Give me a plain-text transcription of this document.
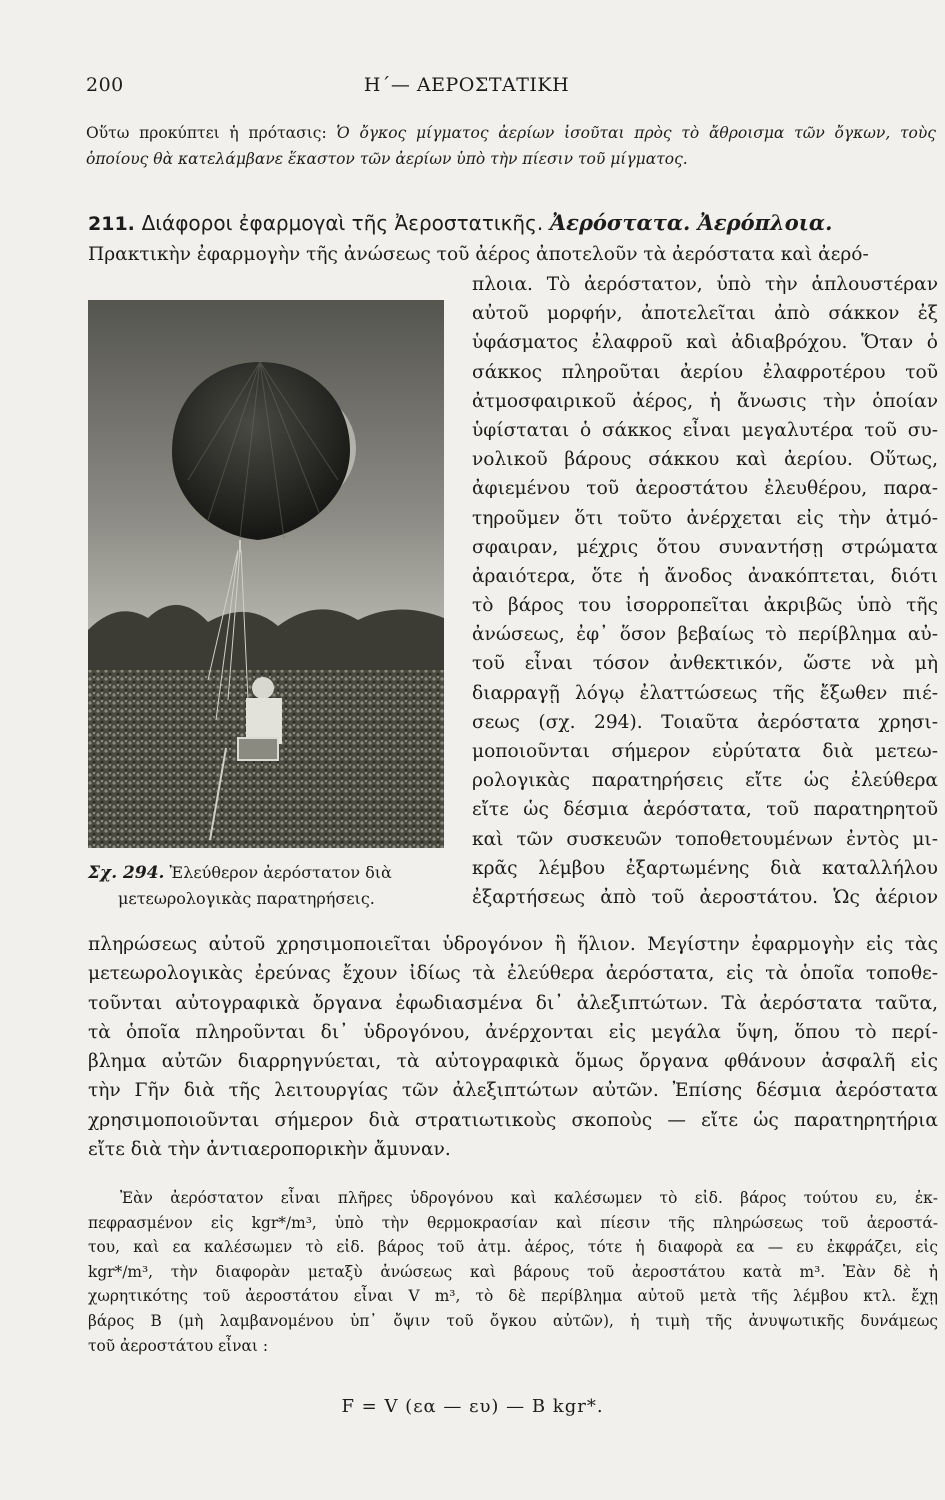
200	Η΄— ΑΕΡΟΣΤΑΤΙΚΗ
Οὕτω προκύπτει ἡ πρότασις: Ὁ ὄγκος μίγματος ἀερίων ἰσοῦται πρὸς τὸ ἄθροισμα τῶν ὄγκων, τοὺς ὁποίους θὰ κατελάμβανε ἕκαστον τῶν ἀερίων ὑπὸ τὴν πίεσιν τοῦ μίγματος.
211. Διάφοροι ἐφαρμογαὶ τῆς Ἀεροστατικῆς. Ἀερόστατα. Ἀερόπλοια.
Πρακτικὴν ἐφαρμογὴν τῆς ἀνώσεως τοῦ ἀέρος ἀποτελοῦν τὰ ἀερόστατα καὶ ἀερό-
πλοια. Τὸ ἀερόστατον, ὑπὸ τὴν ἁπλουστέραν
αὐτοῦ μορφήν, ἀποτελεῖται ἀπὸ σάκκον ἐξ
ὑφάσματος ἐλαφροῦ καὶ ἀδιαβρόχου. Ὅταν ὁ
σάκκος πληροῦται ἀερίου ἐλαφροτέρου τοῦ
ἀτμοσφαιρικοῦ ἀέρος, ἡ ἄνωσις τὴν ὁποίαν
ὑφίσταται ὁ σάκκος εἶναι μεγαλυτέρα τοῦ συ-
νολικοῦ βάρους σάκκου καὶ ἀερίου. Οὕτως,
ἀφιεμένου τοῦ ἀεροστάτου ἐλευθέρου, παρα-
τηροῦμεν ὅτι τοῦτο ἀνέρχεται εἰς τὴν ἀτμό-
σφαιραν, μέχρις ὅτου συναντήσῃ στρώματα
ἀραιότερα, ὅτε ἡ ἄνοδος ἀνακόπτεται, διότι
τὸ βάρος του ἰσορροπεῖται ἀκριβῶς ὑπὸ τῆς
ἀνώσεως, ἐφ᾽ ὅσον βεβαίως τὸ περίβλημα αὐ-
τοῦ εἶναι τόσον ἀνθεκτικόν, ὥστε νὰ μὴ
διαρραγῇ λόγῳ ἐλαττώσεως τῆς ἔξωθεν πιέ-
σεως (σχ. 294). Τοιαῦτα ἀερόστατα χρησι-
μοποιοῦνται σήμερον εὐρύτατα διὰ μετεω-
ρολογικὰς παρατηρήσεις εἴτε ὡς ἐλεύθερα
εἴτε ὡς δέσμια ἀερόστατα, τοῦ παρατηρητοῦ
καὶ τῶν συσκευῶν τοποθετουμένων ἐντὸς μι-
κρᾶς λέμβου ἐξαρτωμένης διὰ καταλλήλου
ἐξαρτήσεως ἀπὸ τοῦ ἀεροστάτου. Ὡς ἀέριον
Σχ. 294. Ἐλεύθερον ἀερόστατον διὰ
μετεωρολογικὰς παρατηρήσεις.
πληρώσεως αὐτοῦ χρησιμοποιεῖται ὑδρογόνον ἢ ἥλιον. Μεγίστην ἐφαρμογὴν εἰς τὰς
μετεωρολογικὰς ἐρεύνας ἔχουν ἰδίως τὰ ἐλεύθερα ἀερόστατα, εἰς τὰ ὁποῖα τοποθε-
τοῦνται αὐτογραφικὰ ὄργανα ἐφωδιασμένα δι᾽ ἀλεξιπτώτων. Τὰ ἀερόστατα ταῦτα,
τὰ ὁποῖα πληροῦνται δι᾽ ὑδρογόνου, ἀνέρχονται εἰς μεγάλα ὕψη, ὅπου τὸ περί-
βλημα αὐτῶν διαρρηγνύεται, τὰ αὐτογραφικὰ ὅμως ὄργανα φθάνουν ἀσφαλῆ εἰς
τὴν Γῆν διὰ τῆς λειτουργίας τῶν ἀλεξιπτώτων αὐτῶν. Ἐπίσης δέσμια ἀερόστατα
χρησιμοποιοῦνται σήμερον διὰ στρατιωτικοὺς σκοποὺς — εἴτε ὡς παρατηρητήρια
εἴτε διὰ τὴν ἀντιαεροπορικὴν ἄμυναν.
Ἐὰν ἀερόστατον εἶναι πλῆρες ὑδρογόνου καὶ καλέσωμεν τὸ εἰδ. βάρος τούτου ευ, ἐκ-
πεφρασμένον εἰς kgr*/m³, ὑπὸ τὴν θερμοκρασίαν καὶ πίεσιν τῆς πληρώσεως τοῦ ἀεροστά-
του, καὶ εα καλέσωμεν τὸ εἰδ. βάρος τοῦ ἀτμ. ἀέρος, τότε ἡ διαφορὰ εα — ευ ἐκφράζει, εἰς
kgr*/m³, τὴν διαφορὰν μεταξὺ ἀνώσεως καὶ βάρους τοῦ ἀεροστάτου κατὰ m³. Ἐὰν δὲ ἡ
χωρητικότης τοῦ ἀεροστάτου εἶναι V m³, τὸ δὲ περίβλημα αὐτοῦ μετὰ τῆς λέμβου κτλ. ἔχῃ
βάρος B (μὴ λαμβανομένου ὑπ᾽ ὄψιν τοῦ ὄγκου αὐτῶν), ἡ τιμὴ τῆς ἀνυψωτικῆς δυνάμεως
τοῦ ἀεροστάτου εἶναι :
F = V (εα — ευ) — B kgr*.
